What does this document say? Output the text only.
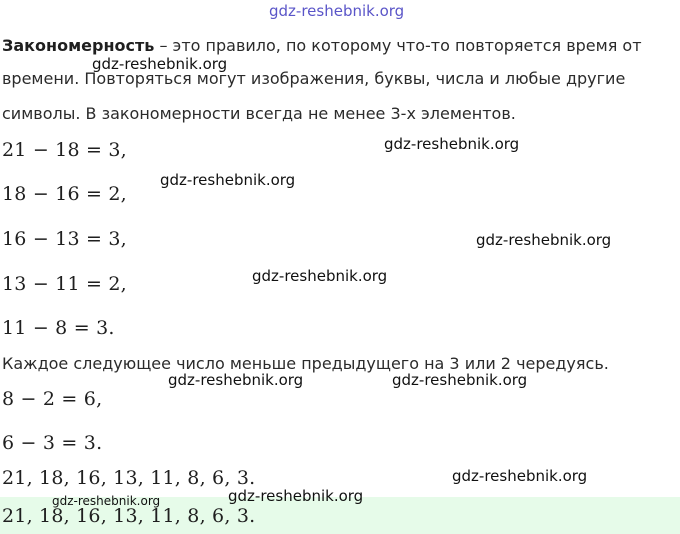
gdz-reshebnik.org
Закономерность – это правило, по которому что-то повторяется время от
времени. Повторяться могут изображения, буквы, числа и любые другие
символы. В закономерности всегда не менее 3-х элементов.
21 − 18 = 3,
18 − 16 = 2,
16 − 13 = 3,
13 − 11 = 2,
11 − 8 = 3.
Каждое следующее число меньше предыдущего на 3 или 2 чередуясь.
8 − 2 = 6,
6 − 3 = 3.
21, 18, 16, 13, 11, 8, 6, 3.
21, 18, 16, 13, 11, 8, 6, 3.
gdz-reshebnik.org
gdz-reshebnik.org
gdz-reshebnik.org
gdz-reshebnik.org
gdz-reshebnik.org
gdz-reshebnik.org	gdz-reshebnik.org
gdz-reshebnik.org
gdz-reshebnik.org	gdz-reshebnik.org
